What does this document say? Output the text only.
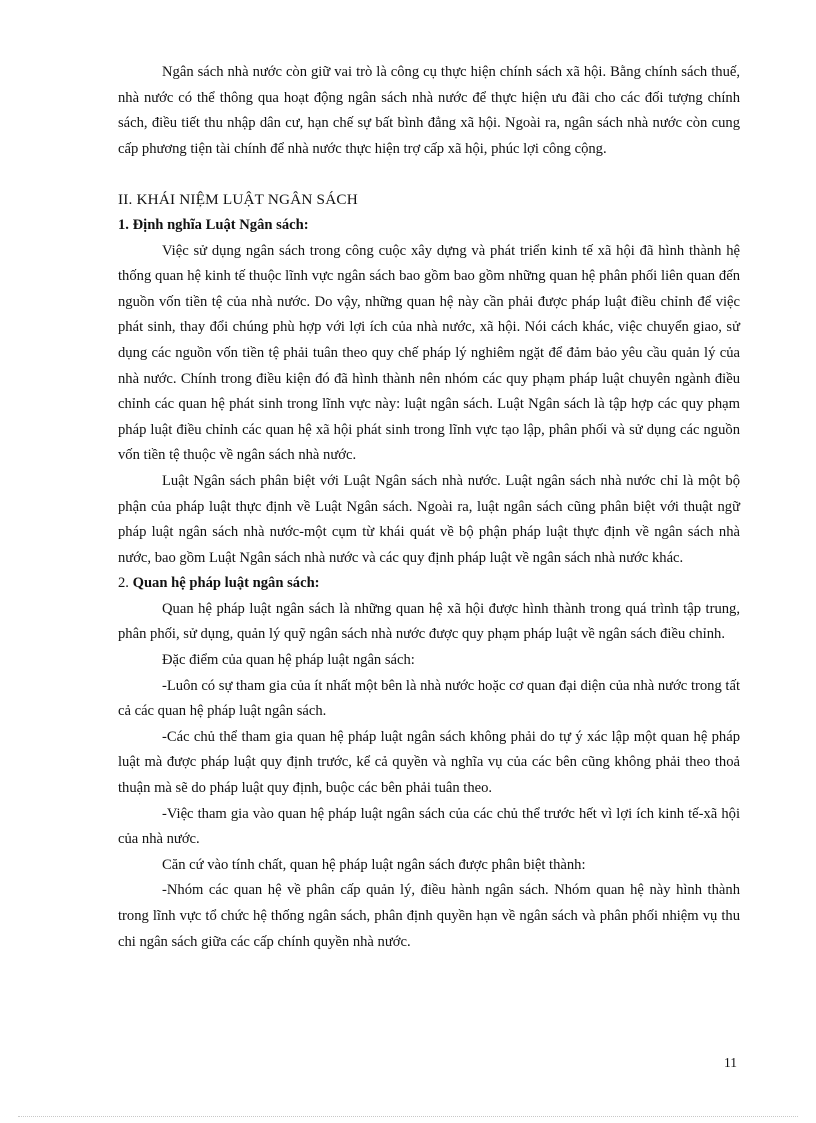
Ngân sách nhà nước còn giữ vai trò là công cụ thực hiện chính sách xã hội. Bằng chính sách thuế, nhà nước có thể thông qua hoạt động ngân sách nhà nước để thực hiện ưu đãi cho các đối tượng chính sách, điều tiết thu nhập dân cư, hạn chế sự bất bình đẳng xã hội. Ngoài ra, ngân sách nhà nước còn cung cấp phương tiện tài chính để nhà nước thực hiện trợ cấp xã hội, phúc lợi công cộng.

II. KHÁI NIỆM LUẬT NGÂN SÁCH

1. Định nghĩa Luật Ngân sách:

Việc sử dụng ngân sách trong công cuộc xây dựng và phát triển kinh tế xã hội đã hình thành hệ thống quan hệ kinh tế thuộc lĩnh vực ngân sách bao gồm bao gồm những quan hệ phân phối liên quan đến nguồn vốn tiền tệ của nhà nước. Do vậy, những quan hệ này cần phải được pháp luật điều chỉnh để việc phát sinh, thay đổi chúng phù hợp với lợi ích của nhà nước, xã hội. Nói cách khác, việc chuyển giao, sử dụng các nguồn vốn tiền tệ phải tuân theo quy chế pháp lý nghiêm ngặt để đảm bảo yêu cầu quản lý của nhà nước. Chính trong điều kiện đó đã hình thành nên nhóm các quy phạm pháp luật chuyên ngành điều chỉnh các quan hệ phát sinh trong lĩnh vực này: luật ngân sách. Luật Ngân sách là tập hợp các quy phạm pháp luật điều chỉnh các quan hệ xã hội phát sinh trong lĩnh vực tạo lập, phân phối và sử dụng các nguồn vốn tiền tệ thuộc về ngân sách nhà nước.

Luật Ngân sách phân biệt với Luật Ngân sách nhà nước. Luật ngân sách nhà nước chỉ là một bộ phận của pháp luật thực định về Luật Ngân sách. Ngoài ra, luật ngân sách cũng phân biệt với thuật ngữ pháp luật ngân sách nhà nước-một cụm từ khái quát về bộ phận pháp luật thực định về ngân sách nhà nước, bao gồm Luật Ngân sách nhà nước và các quy định pháp luật về ngân sách nhà nước khác.

2. Quan hệ pháp luật ngân sách:

Quan hệ pháp luật ngân sách là những quan hệ xã hội được hình thành trong quá trình tập trung, phân phối, sử dụng, quản lý quỹ ngân sách nhà nước được quy phạm pháp luật về ngân sách điều chỉnh.

Đặc điểm của quan hệ pháp luật ngân sách:

-Luôn có sự tham gia của ít nhất một bên là nhà nước hoặc cơ quan đại diện của nhà nước trong tất cả các quan hệ pháp luật ngân sách.

-Các chủ thể tham gia quan hệ pháp luật ngân sách không phải do tự ý xác lập một quan hệ pháp luật mà được pháp luật quy định trước, kể cả quyền và nghĩa vụ của các bên cũng không phải theo thoả thuận mà sẽ do pháp luật quy định, buộc các bên phải tuân theo.

-Việc tham gia vào quan hệ pháp luật ngân sách của các chủ thể trước hết vì lợi ích kinh tế-xã hội của nhà nước.

Căn cứ vào tính chất, quan hệ pháp luật ngân sách được phân biệt thành:

-Nhóm các quan hệ về phân cấp quản lý, điều hành ngân sách. Nhóm quan hệ này hình thành trong lĩnh vực tổ chức hệ thống ngân sách, phân định quyền hạn về ngân sách và phân phối nhiệm vụ thu chi ngân sách giữa các cấp chính quyền nhà nước.

11
